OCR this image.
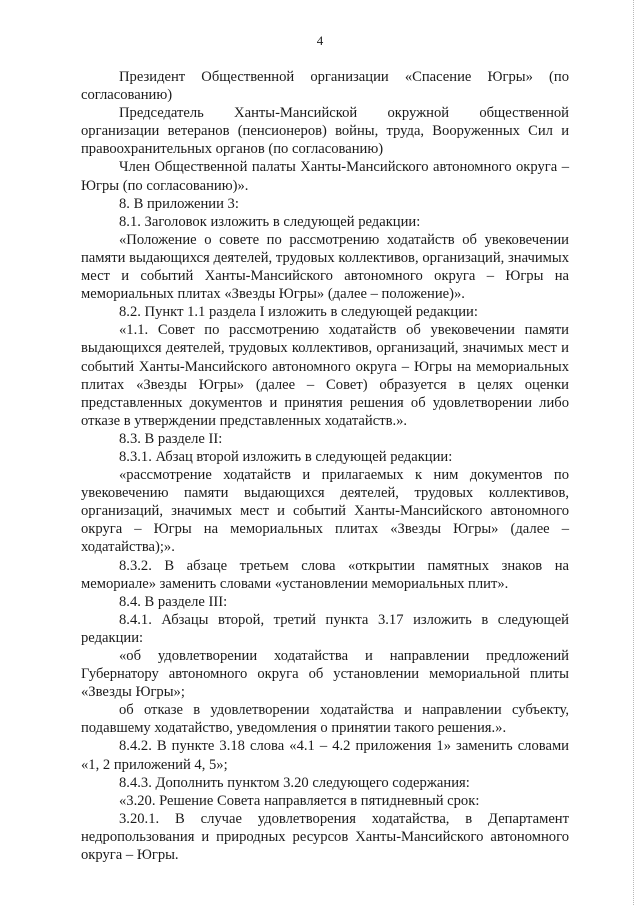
4

Президент Общественной организации «Спасение Югры» (по согласованию)

Председатель Ханты-Мансийской окружной общественной организации ветеранов (пенсионеров) войны, труда, Вооруженных Сил и правоохранительных органов (по согласованию)

Член Общественной палаты Ханты-Мансийского автономного округа – Югры (по согласованию)».

8. В приложении 3:

8.1. Заголовок изложить в следующей редакции:

«Положение о совете по рассмотрению ходатайств об увековечении памяти выдающихся деятелей, трудовых коллективов, организаций, значимых мест и событий Ханты-Мансийского автономного округа – Югры на мемориальных плитах «Звезды Югры» (далее – положение)».

8.2. Пункт 1.1 раздела I изложить в следующей редакции:

«1.1. Совет по рассмотрению ходатайств об увековечении памяти выдающихся деятелей, трудовых коллективов, организаций, значимых мест и событий Ханты-Мансийского автономного округа – Югры на мемориальных плитах «Звезды Югры» (далее – Совет) образуется в целях оценки представленных документов и принятия решения об удовлетворении либо отказе в утверждении представленных ходатайств.».

8.3. В разделе II:

8.3.1. Абзац второй изложить в следующей редакции:

«рассмотрение ходатайств и прилагаемых к ним документов по увековечению памяти выдающихся деятелей, трудовых коллективов, организаций, значимых мест и событий Ханты-Мансийского автономного округа – Югры на мемориальных плитах «Звезды Югры» (далее – ходатайства);».

8.3.2. В абзаце третьем слова «открытии памятных знаков на мемориале» заменить словами «установлении мемориальных плит».

8.4. В разделе III:

8.4.1. Абзацы второй, третий пункта 3.17 изложить в следующей редакции:

«об удовлетворении ходатайства и направлении предложений Губернатору автономного округа об установлении мемориальной плиты «Звезды Югры»;

об отказе в удовлетворении ходатайства и направлении субъекту, подавшему ходатайство, уведомления о принятии такого решения.».

8.4.2. В пункте 3.18 слова «4.1 – 4.2 приложения 1» заменить словами «1, 2 приложений 4, 5»;

8.4.3. Дополнить пунктом 3.20 следующего содержания:

«3.20. Решение Совета направляется в пятидневный срок:

3.20.1. В случае удовлетворения ходатайства, в Департамент недропользования и природных ресурсов Ханты-Мансийского автономного округа – Югры.
